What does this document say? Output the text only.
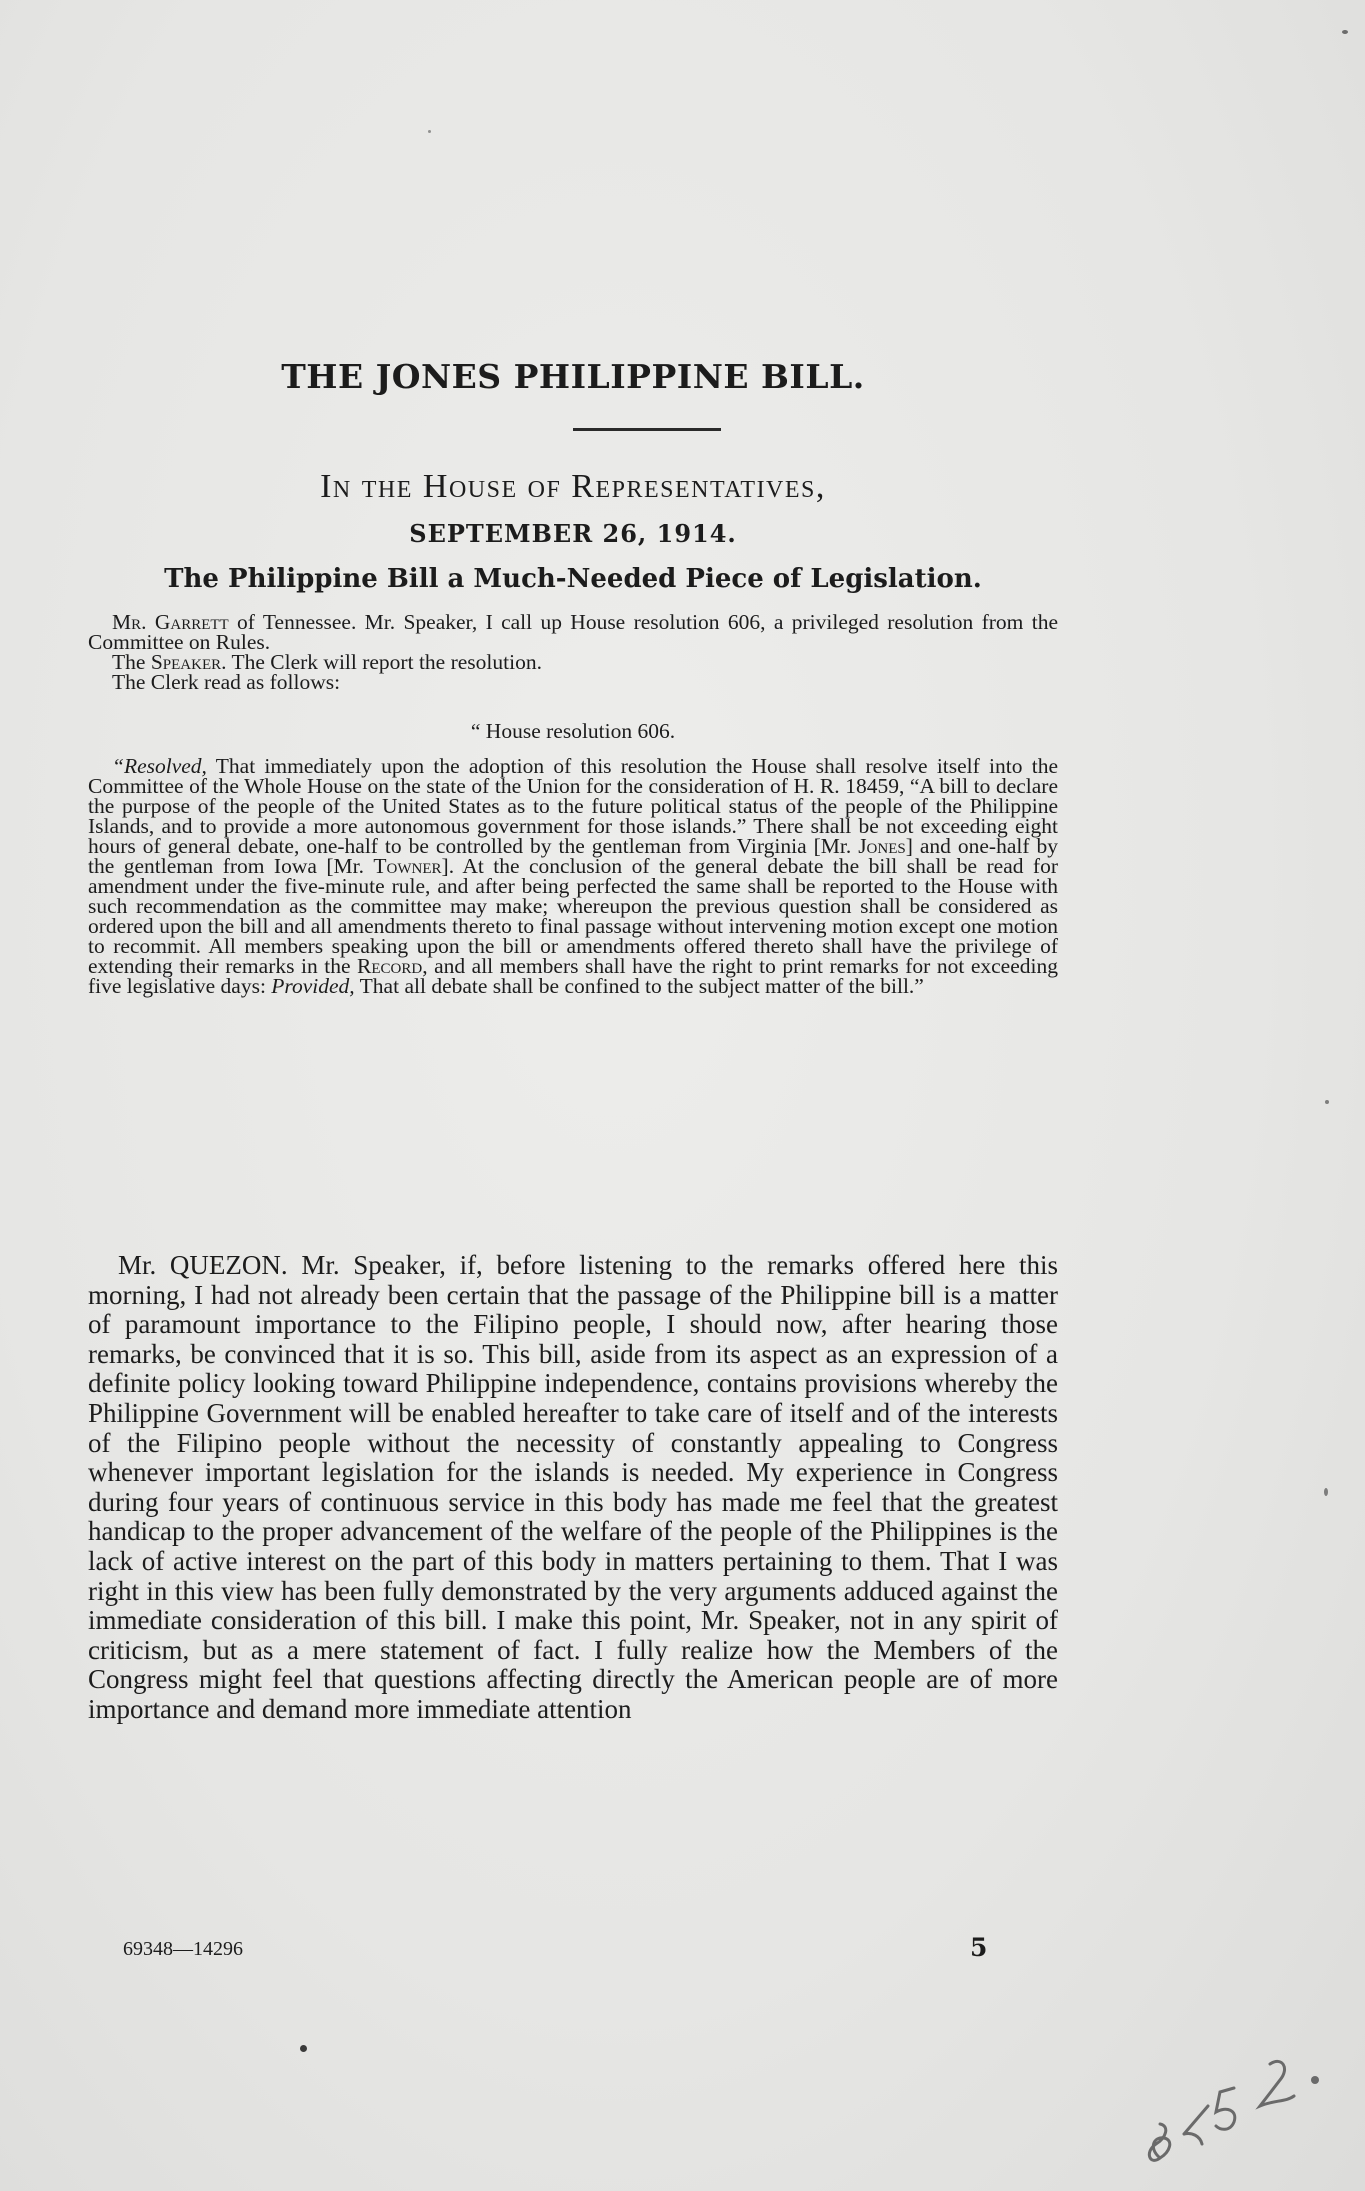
THE JONES PHILIPPINE BILL.
In the House of Representatives,
SEPTEMBER 26, 1914.
The Philippine Bill a Much-Needed Piece of Legislation.

Mr. Garrett of Tennessee. Mr. Speaker, I call up House resolution 606, a privileged resolution from the Committee on Rules.

The Speaker. The Clerk will report the resolution.

The Clerk read as follows:

“ House resolution 606.

“Resolved, That immediately upon the adoption of this resolution the House shall resolve itself into the Committee of the Whole House on the state of the Union for the consideration of H. R. 18459, “A bill to declare the purpose of the people of the United States as to the future political status of the people of the Philippine Islands, and to provide a more autonomous government for those islands.” There shall be not exceeding eight hours of general debate, one-half to be controlled by the gentleman from Virginia [Mr. Jones] and one-half by the gentleman from Iowa [Mr. Towner]. At the conclusion of the general debate the bill shall be read for amendment under the five-minute rule, and after being perfected the same shall be reported to the House with such recommendation as the committee may make; whereupon the previous question shall be considered as ordered upon the bill and all amendments thereto to final passage without intervening motion except one motion to recommit. All members speaking upon the bill or amendments offered thereto shall have the privilege of extending their remarks in the Record, and all members shall have the right to print remarks for not exceeding five legislative days: Provided, That all debate shall be confined to the subject matter of the bill.”

Mr. QUEZON. Mr. Speaker, if, before listening to the remarks offered here this morning, I had not already been certain that the passage of the Philippine bill is a matter of paramount importance to the Filipino people, I should now, after hearing those remarks, be convinced that it is so. This bill, aside from its aspect as an expression of a definite policy looking toward Philippine independence, contains provisions whereby the Philippine Government will be enabled hereafter to take care of itself and of the interests of the Filipino people without the necessity of constantly appealing to Congress whenever important legislation for the islands is needed. My experience in Congress during four years of continuous service in this body has made me feel that the greatest handicap to the proper advancement of the welfare of the people of the Philippines is the lack of active interest on the part of this body in matters pertaining to them. That I was right in this view has been fully demonstrated by the very arguments adduced against the immediate consideration of this bill. I make this point, Mr. Speaker, not in any spirit of criticism, but as a mere statement of fact. I fully realize how the Members of the Congress might feel that questions affecting directly the American people are of more importance and demand more immediate attention

69348—14296	5
8752
